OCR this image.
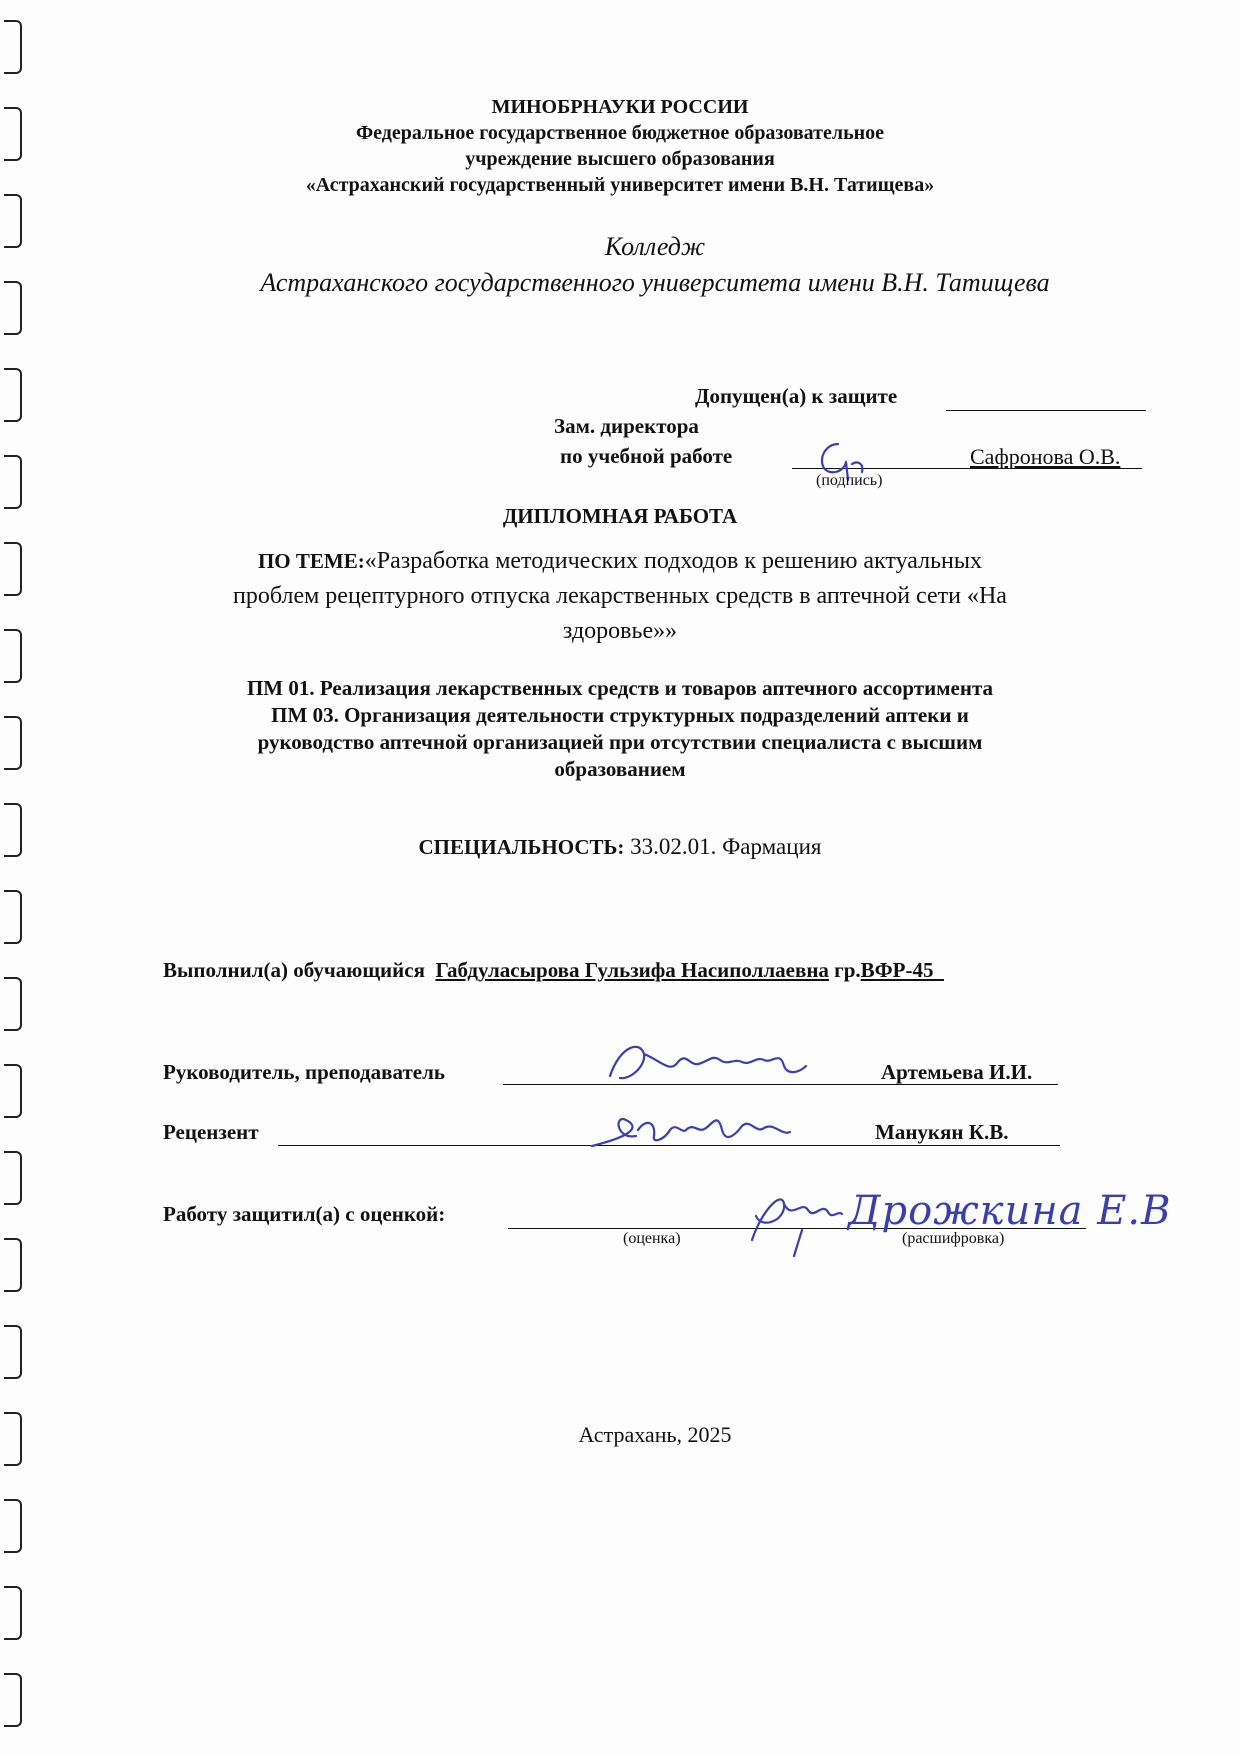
МИНОБРНАУКИ РОССИИ
Федеральное государственное бюджетное образовательное
учреждение высшего образования
«Астраханский государственный университет имени В.Н. Татищева»
Колледж
Астраханского государственного университета имени В.Н. Татищева
Допущен(а) к защите
Зам. директора
по учебной работе	Сафронова О.В.
(подпись)
ДИПЛОМНАЯ РАБОТА
ПО ТЕМЕ:«Разработка методических подходов к решению актуальных
проблем рецептурного отпуска лекарственных средств в аптечной сети «На
здоровье»»
ПМ 01. Реализация лекарственных средств и товаров аптечного ассортимента
ПМ 03. Организация деятельности структурных подразделений аптеки и
руководство аптечной организацией при отсутствии специалиста с высшим
образованием
СПЕЦИАЛЬНОСТЬ: 33.02.01. Фармация
Выполнил(а) обучающийся Габдуласырова Гульзифа Насиполлаевна гр.ВФР-45
Руководитель, преподаватель	Артемьева И.И.
Рецензент	Манукян К.В.
Работу защитил(а) с оценкой:	Дрожкина Е.В
(оценка)	(расшифровка)
Астрахань, 2025
